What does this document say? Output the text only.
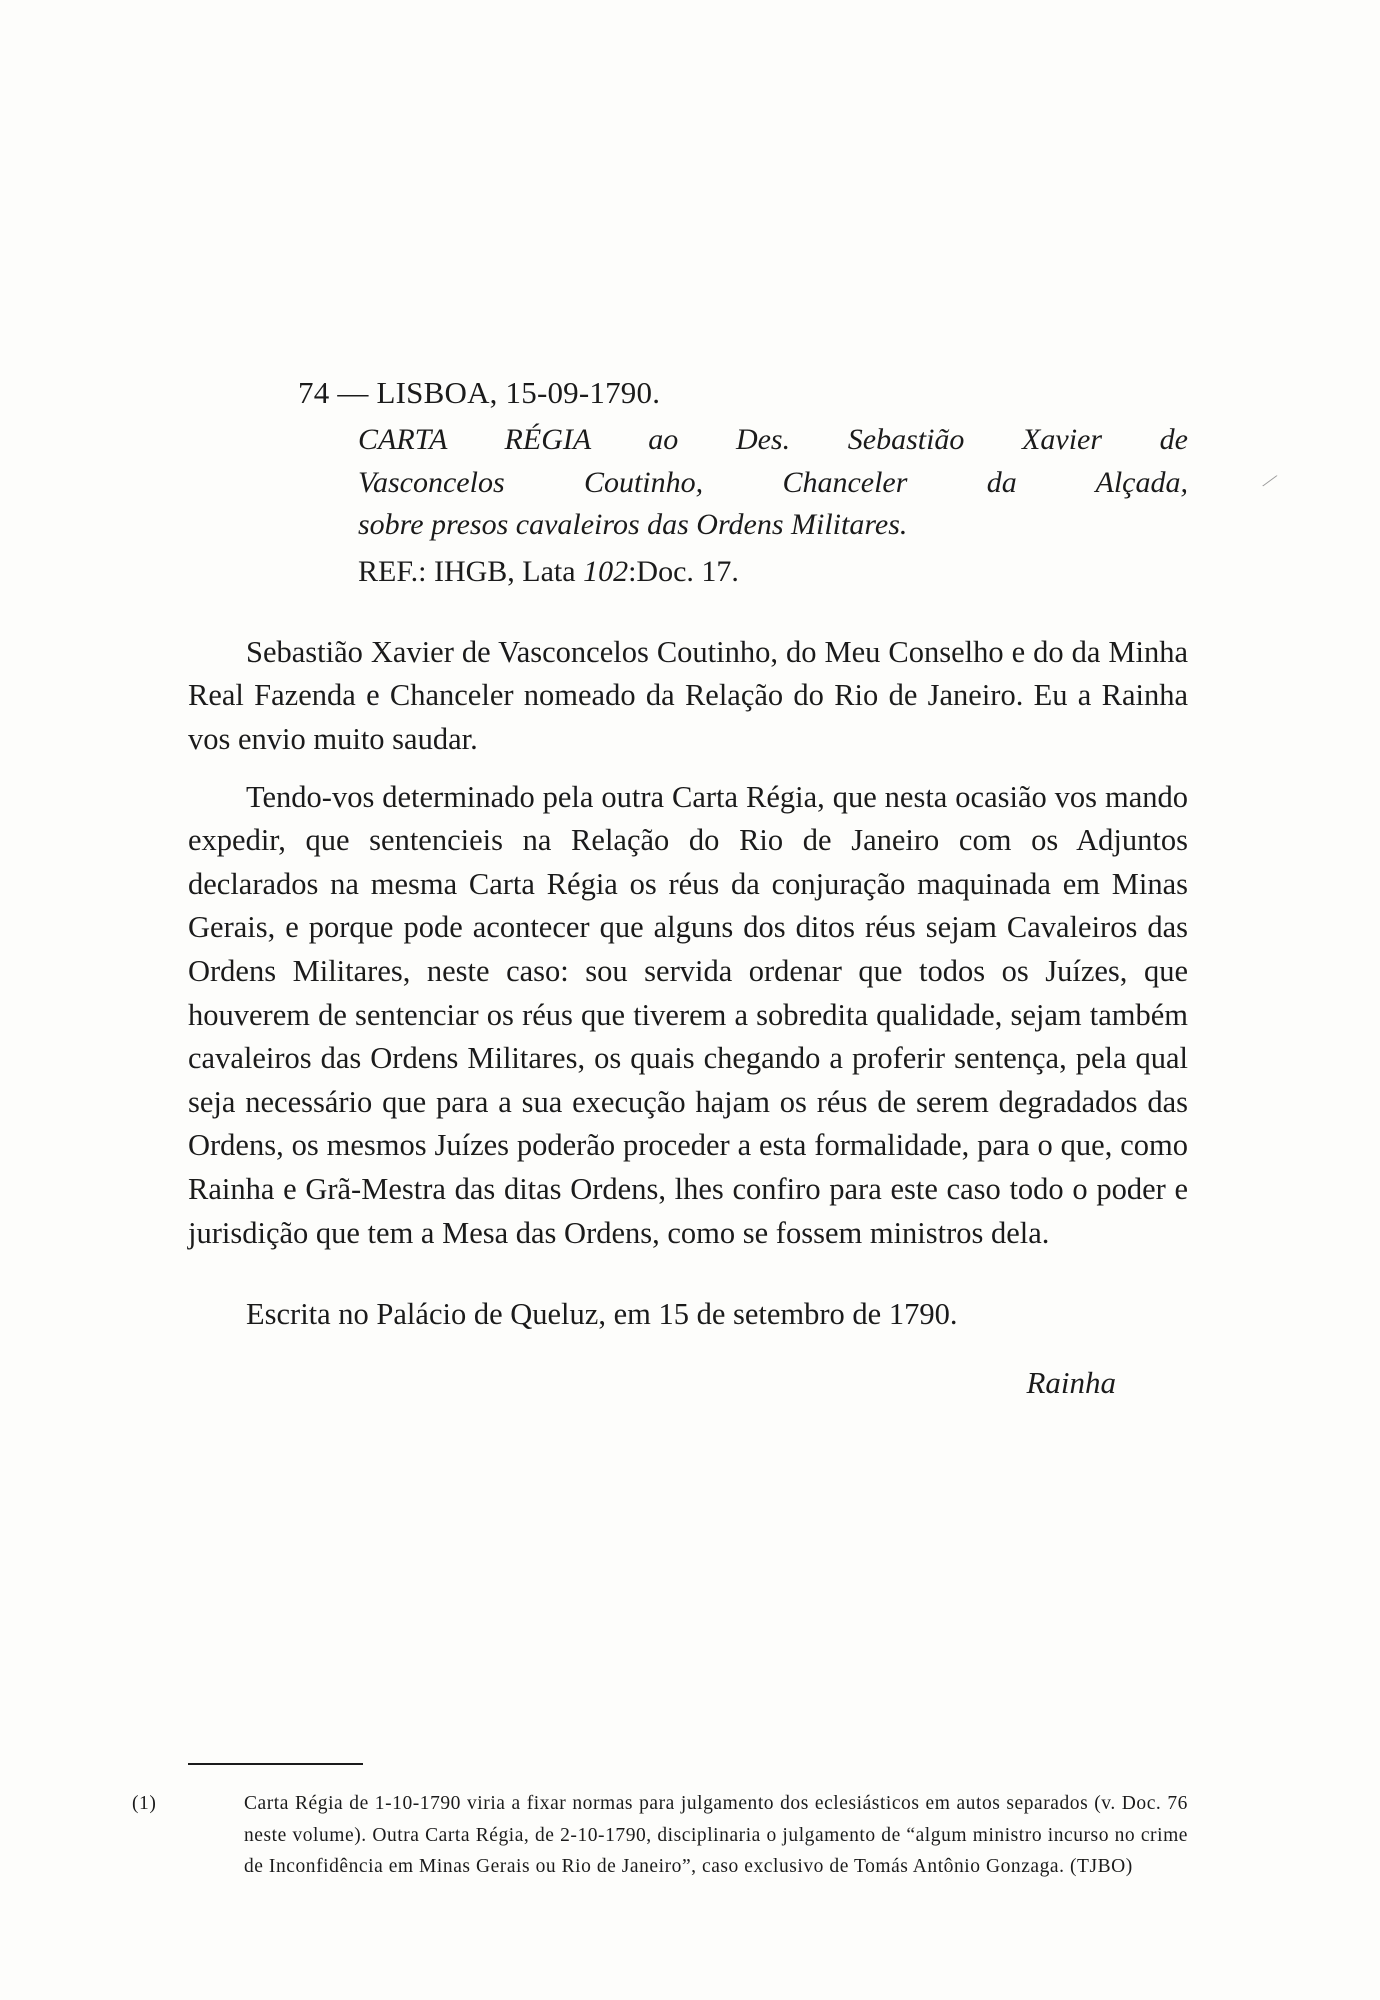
⁄
74 — LISBOA, 15-09-1790.
CARTA RÉGIA ao Des. Sebastião Xavier de
Vasconcelos Coutinho, Chanceler da Alçada,
sobre presos cavaleiros das Ordens Militares.
REF.: IHGB, Lata 102:Doc. 17.

Sebastião Xavier de Vasconcelos Coutinho, do Meu Conselho e do da Minha Real Fazenda e Chanceler nomeado da Relação do Rio de Janeiro. Eu a Rainha vos envio muito saudar.

Tendo-vos determinado pela outra Carta Régia, que nesta ocasião vos mando expedir, que sentencieis na Relação do Rio de Janeiro com os Adjuntos declarados na mesma Carta Régia os réus da conjuração maquinada em Minas Gerais, e porque pode acontecer que alguns dos ditos réus sejam Cavaleiros das Ordens Militares, neste caso: sou servida ordenar que todos os Juízes, que houverem de sentenciar os réus que tiverem a sobredita qualidade, sejam também cavaleiros das Ordens Militares, os quais chegando a proferir sentença, pela qual seja necessário que para a sua execução hajam os réus de serem degradados das Ordens, os mesmos Juízes poderão proceder a esta formalidade, para o que, como Rainha e Grã-Mestra das ditas Ordens, lhes confiro para este caso todo o poder e jurisdição que tem a Mesa das Ordens, como se fossem ministros dela.

Escrita no Palácio de Queluz, em 15 de setembro de 1790.

Rainha
(1)	Carta Régia de 1-10-1790 viria a fixar normas para julgamento dos eclesiásticos em autos separados (v. Doc. 76 neste volume). Outra Carta Régia, de 2-10-1790, disciplinaria o julgamento de “algum ministro incurso no crime de Inconfidência em Minas Gerais ou Rio de Janeiro”, caso exclusivo de Tomás Antônio Gonzaga. (TJBO)
